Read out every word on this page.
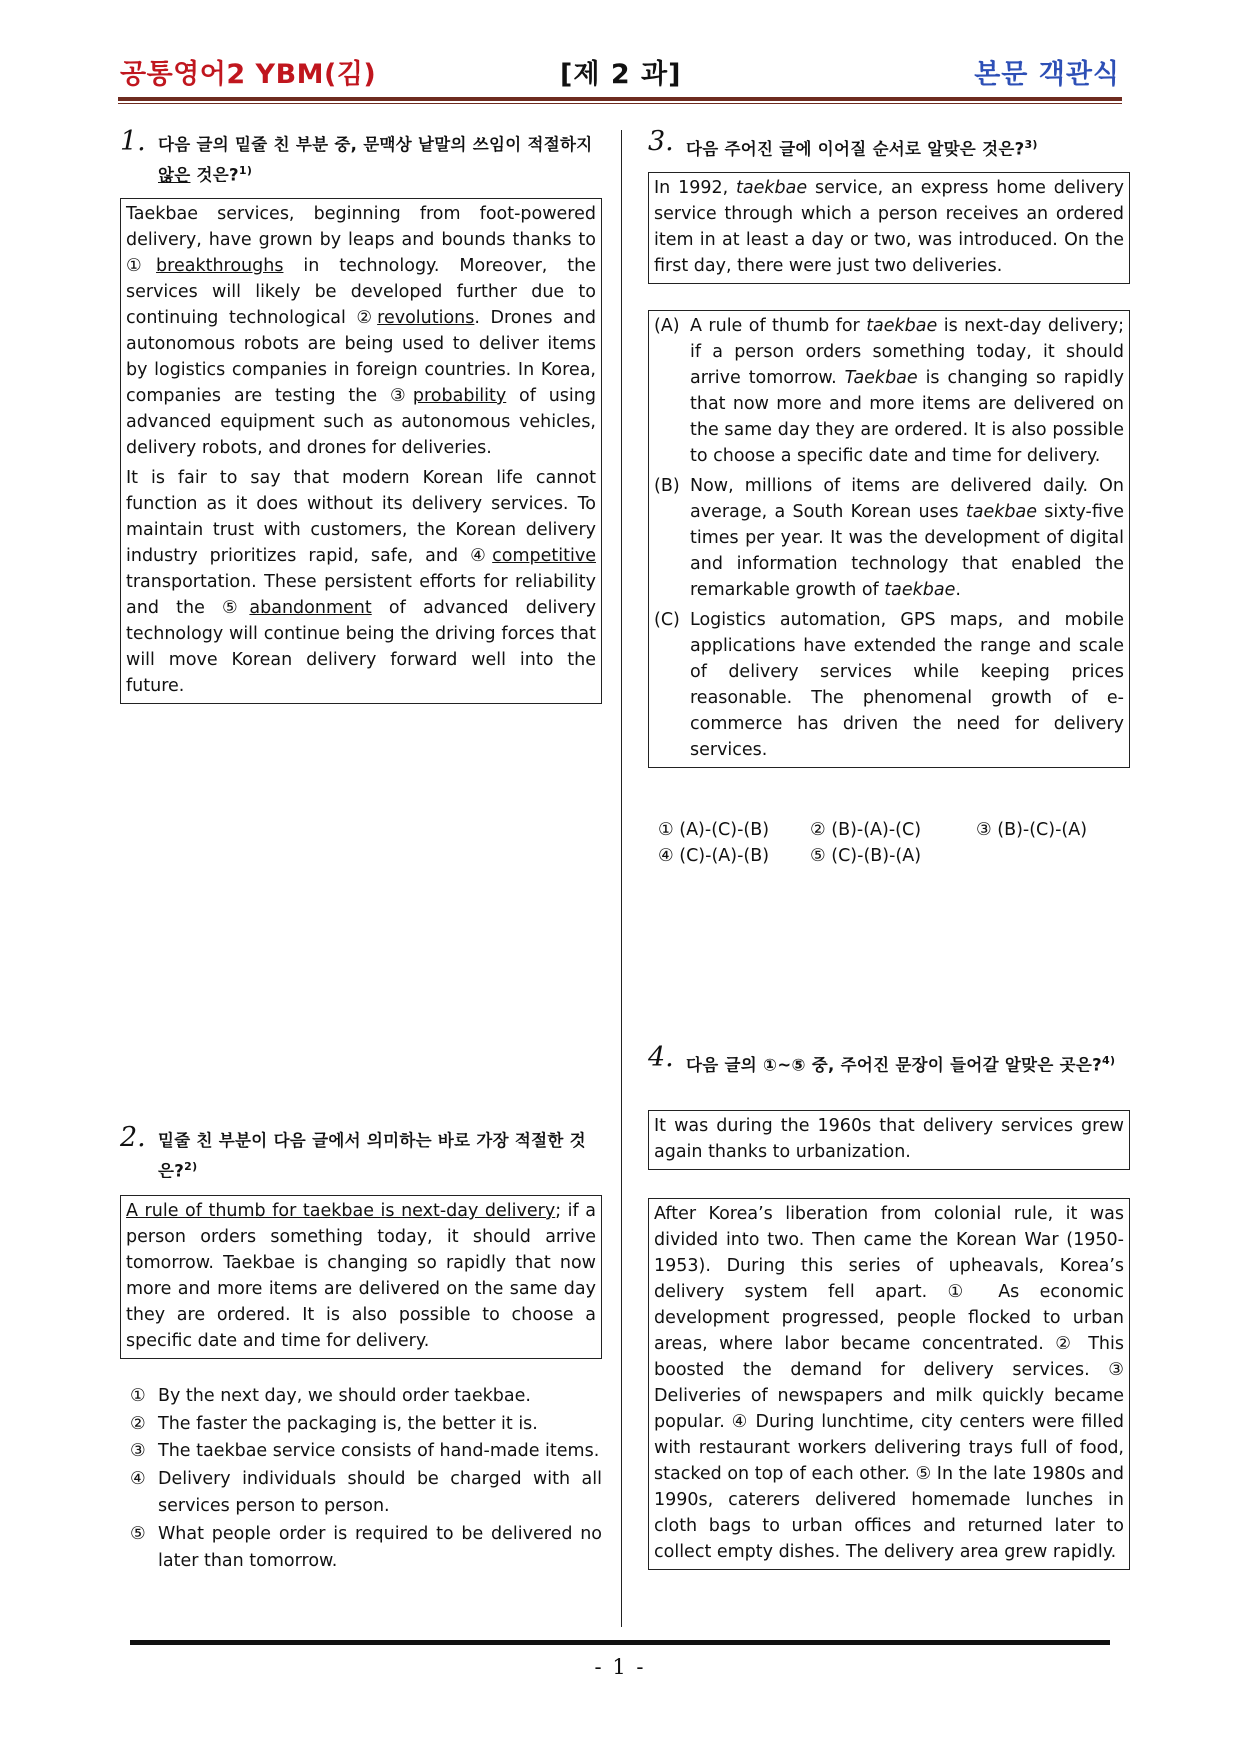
공통영어2 YBM(김)	[제 2 과]	본문 객관식
1. 다음 글의 밑줄 친 부분 중, 문맥상 낱말의 쓰임이 적절하지 않은 것은?$^{1)}$

Taekbae services, beginning from foot-powered delivery, have grown by leaps and bounds thanks to ①breakthroughs in technology. Moreover, the services will likely be developed further due to continuing technological ②revolutions. Drones and autonomous robots are being used to deliver items by logistics companies in foreign countries. In Korea, companies are testing the ③probability of using advanced equipment such as autonomous vehicles, delivery robots, and drones for deliveries.

It is fair to say that modern Korean life cannot function as it does without its delivery services. To maintain trust with customers, the Korean delivery industry prioritizes rapid, safe, and ④competitive transportation. These persistent efforts for reliability and the ⑤abandonment of advanced delivery technology will continue being the driving forces that will move Korean delivery forward well into the future.

2. 밑줄 친 부분이 다음 글에서 의미하는 바로 가장 적절한 것은?$^{2)}$

A rule of thumb for taekbae is next-day delivery; if a person orders something today, it should arrive tomorrow. Taekbae is changing so rapidly that now more and more items are delivered on the same day they are ordered. It is also possible to choose a specific date and time for delivery.

① By the next day, we should order taekbae.
② The faster the packaging is, the better it is.
③ The taekbae service consists of hand-made items.
④ Delivery individuals should be charged with all services person to person.
⑤ What people order is required to be delivered no later than tomorrow.
3. 다음 주어진 글에 이어질 순서로 알맞은 것은?$^{3)}$

In 1992, taekbae service, an express home delivery service through which a person receives an ordered item in at least a day or two, was introduced. On the first day, there were just two deliveries.

(A) A rule of thumb for taekbae is next-day delivery; if a person orders something today, it should arrive tomorrow. Taekbae is changing so rapidly that now more and more items are delivered on the same day they are ordered. It is also possible to choose a specific date and time for delivery.
(B) Now, millions of items are delivered daily. On average, a South Korean uses taekbae sixty-five times per year. It was the development of digital and information technology that enabled the remarkable growth of taekbae.
(C) Logistics automation, GPS maps, and mobile applications have extended the range and scale of delivery services while keeping prices reasonable. The phenomenal growth of e-commerce has driven the need for delivery services.
① (A)-(C)-(B) ② (B)-(A)-(C)	③ (B)-(C)-(A)
④ (C)-(A)-(B) ⑤ (C)-(B)-(A)
4. 다음 글의 ①~⑤ 중, 주어진 문장이 들어갈 알맞은 곳은?$^{4)}$

It was during the 1960s that delivery services grew again thanks to urbanization.

After Korea’s liberation from colonial rule, it was divided into two. Then came the Korean War (1950-1953). During this series of upheavals, Korea’s delivery system fell apart. ① As economic development progressed, people flocked to urban areas, where labor became concentrated. ② This boosted the demand for delivery services. ③ Deliveries of newspapers and milk quickly became popular. ④ During lunchtime, city centers were filled with restaurant workers delivering trays full of food, stacked on top of each other. ⑤ In the late 1980s and 1990s, caterers delivered homemade lunches in cloth bags to urban offices and returned later to collect empty dishes. The delivery area grew rapidly.

- 1 -
